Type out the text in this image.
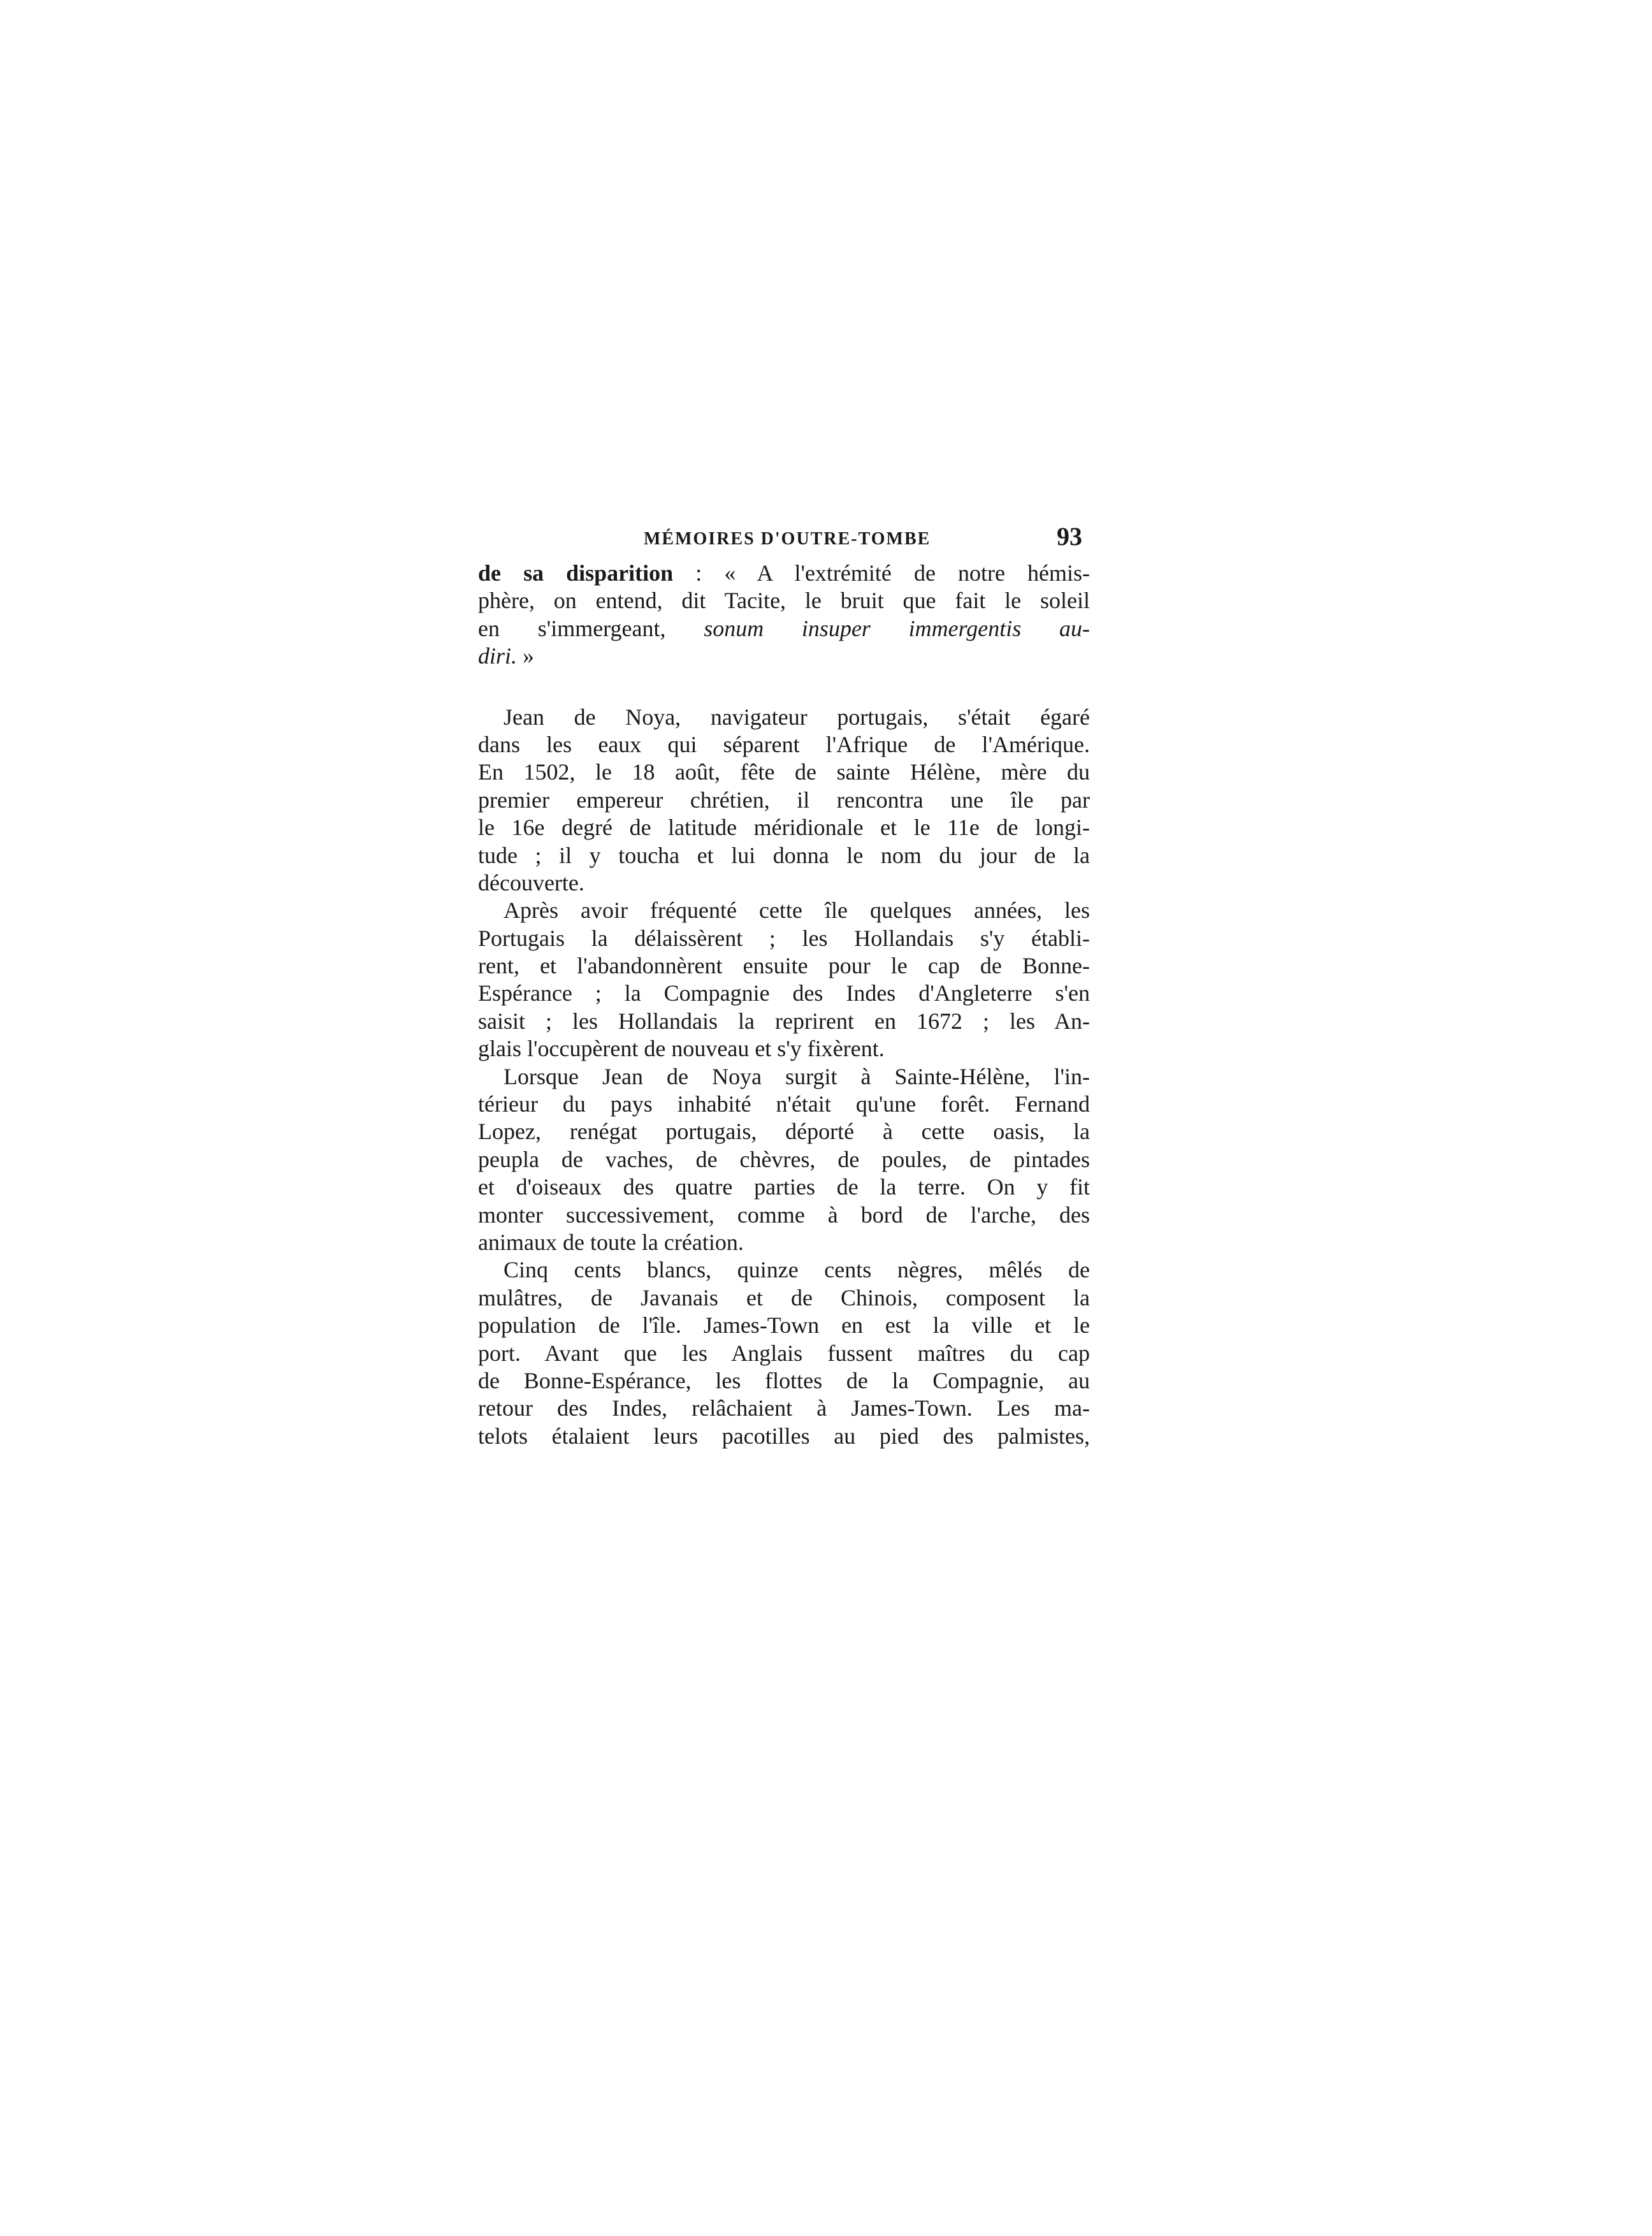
MÉMOIRES D'OUTRE-TOMBE	93
de sa disparition : « A l'extrémité de notre hémis-
phère, on entend, dit Tacite, le bruit que fait le soleil
en s'immergeant, sonum insuper immergentis au-
diri. »
Jean de Noya, navigateur portugais, s'était égaré
dans les eaux qui séparent l'Afrique de l'Amérique.
En 1502, le 18 août, fête de sainte Hélène, mère du
premier empereur chrétien, il rencontra une île par
le 16e degré de latitude méridionale et le 11e de longi-
tude ; il y toucha et lui donna le nom du jour de la
découverte.
Après avoir fréquenté cette île quelques années, les
Portugais la délaissèrent ; les Hollandais s'y établi-
rent, et l'abandonnèrent ensuite pour le cap de Bonne-
Espérance ; la Compagnie des Indes d'Angleterre s'en
saisit ; les Hollandais la reprirent en 1672 ; les An-
glais l'occupèrent de nouveau et s'y fixèrent.
Lorsque Jean de Noya surgit à Sainte-Hélène, l'in-
térieur du pays inhabité n'était qu'une forêt. Fernand
Lopez, renégat portugais, déporté à cette oasis, la
peupla de vaches, de chèvres, de poules, de pintades
et d'oiseaux des quatre parties de la terre. On y fit
monter successivement, comme à bord de l'arche, des
animaux de toute la création.
Cinq cents blancs, quinze cents nègres, mêlés de
mulâtres, de Javanais et de Chinois, composent la
population de l'île. James-Town en est la ville et le
port. Avant que les Anglais fussent maîtres du cap
de Bonne-Espérance, les flottes de la Compagnie, au
retour des Indes, relâchaient à James-Town. Les ma-
telots étalaient leurs pacotilles au pied des palmistes,
